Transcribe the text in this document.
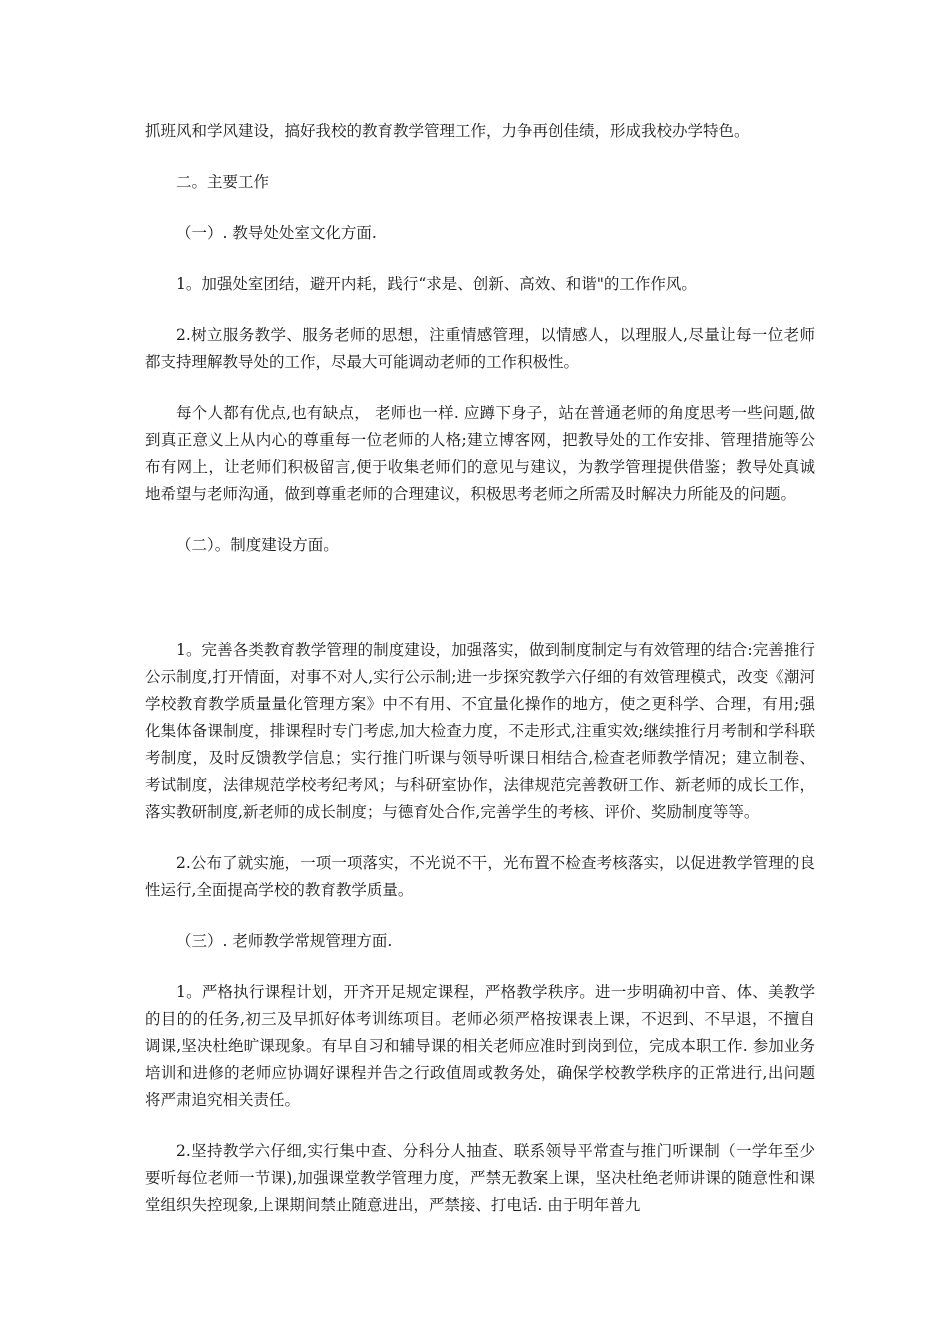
抓班风和学风建设，搞好我校的教育教学管理工作，力争再创佳绩，形成我校办学特色。

二。主要工作

（一）. 教导处处室文化方面.

1。加强处室团结，避开内耗，践行“求是、创新、高效、和谐"的工作作风。

2.树立服务教学、服务老师的思想，注重情感管理，以情感人，以理服人,尽量让每一位老师都支持理解教导处的工作，尽最大可能调动老师的工作积极性。

每个人都有优点,也有缺点， 老师也一样. 应蹲下身子，站在普通老师的角度思考一些问题,做到真正意义上从内心的尊重每一位老师的人格;建立博客网，把教导处的工作安排、管理措施等公布有网上，让老师们积极留言,便于收集老师们的意见与建议，为教学管理提供借鉴；教导处真诚地希望与老师沟通，做到尊重老师的合理建议，积极思考老师之所需及时解决力所能及的问题。

（二）。制度建设方面。

1。完善各类教育教学管理的制度建设，加强落实，做到制度制定与有效管理的结合:完善推行公示制度,打开情面，对事不对人,实行公示制;进一步探究教学六仔细的有效管理模式，改变《潮河学校教育教学质量量化管理方案》中不有用、不宜量化操作的地方，使之更科学、合理，有用;强化集体备课制度，排课程时专门考虑,加大检查力度，不走形式,注重实效;继续推行月考制和学科联考制度，及时反馈教学信息；实行推门听课与领导听课日相结合,检查老师教学情况；建立制卷、考试制度，法律规范学校考纪考风；与科研室协作，法律规范完善教研工作、新老师的成长工作，落实教研制度,新老师的成长制度；与德育处合作,完善学生的考核、评价、奖励制度等等。

2.公布了就实施，一项一项落实，不光说不干，光布置不检查考核落实，以促进教学管理的良性运行,全面提高学校的教育教学质量。

（三）. 老师教学常规管理方面.

1。严格执行课程计划，开齐开足规定课程，严格教学秩序。进一步明确初中音、体、美教学的目的的任务,初三及早抓好体考训练项目。老师必须严格按课表上课，不迟到、不早退，不擅自调课,坚决杜绝旷课现象。有早自习和辅导课的相关老师应准时到岗到位，完成本职工作. 参加业务培训和进修的老师应协调好课程并告之行政值周或教务处，确保学校教学秩序的正常进行,出问题将严肃追究相关责任。

2.坚持教学六仔细,实行集中查、分科分人抽查、联系领导平常查与推门听课制（一学年至少要听每位老师一节课),加强课堂教学管理力度，严禁无教案上课，坚决杜绝老师讲课的随意性和课堂组织失控现象,上课期间禁止随意进出，严禁接、打电话. 由于明年普九
